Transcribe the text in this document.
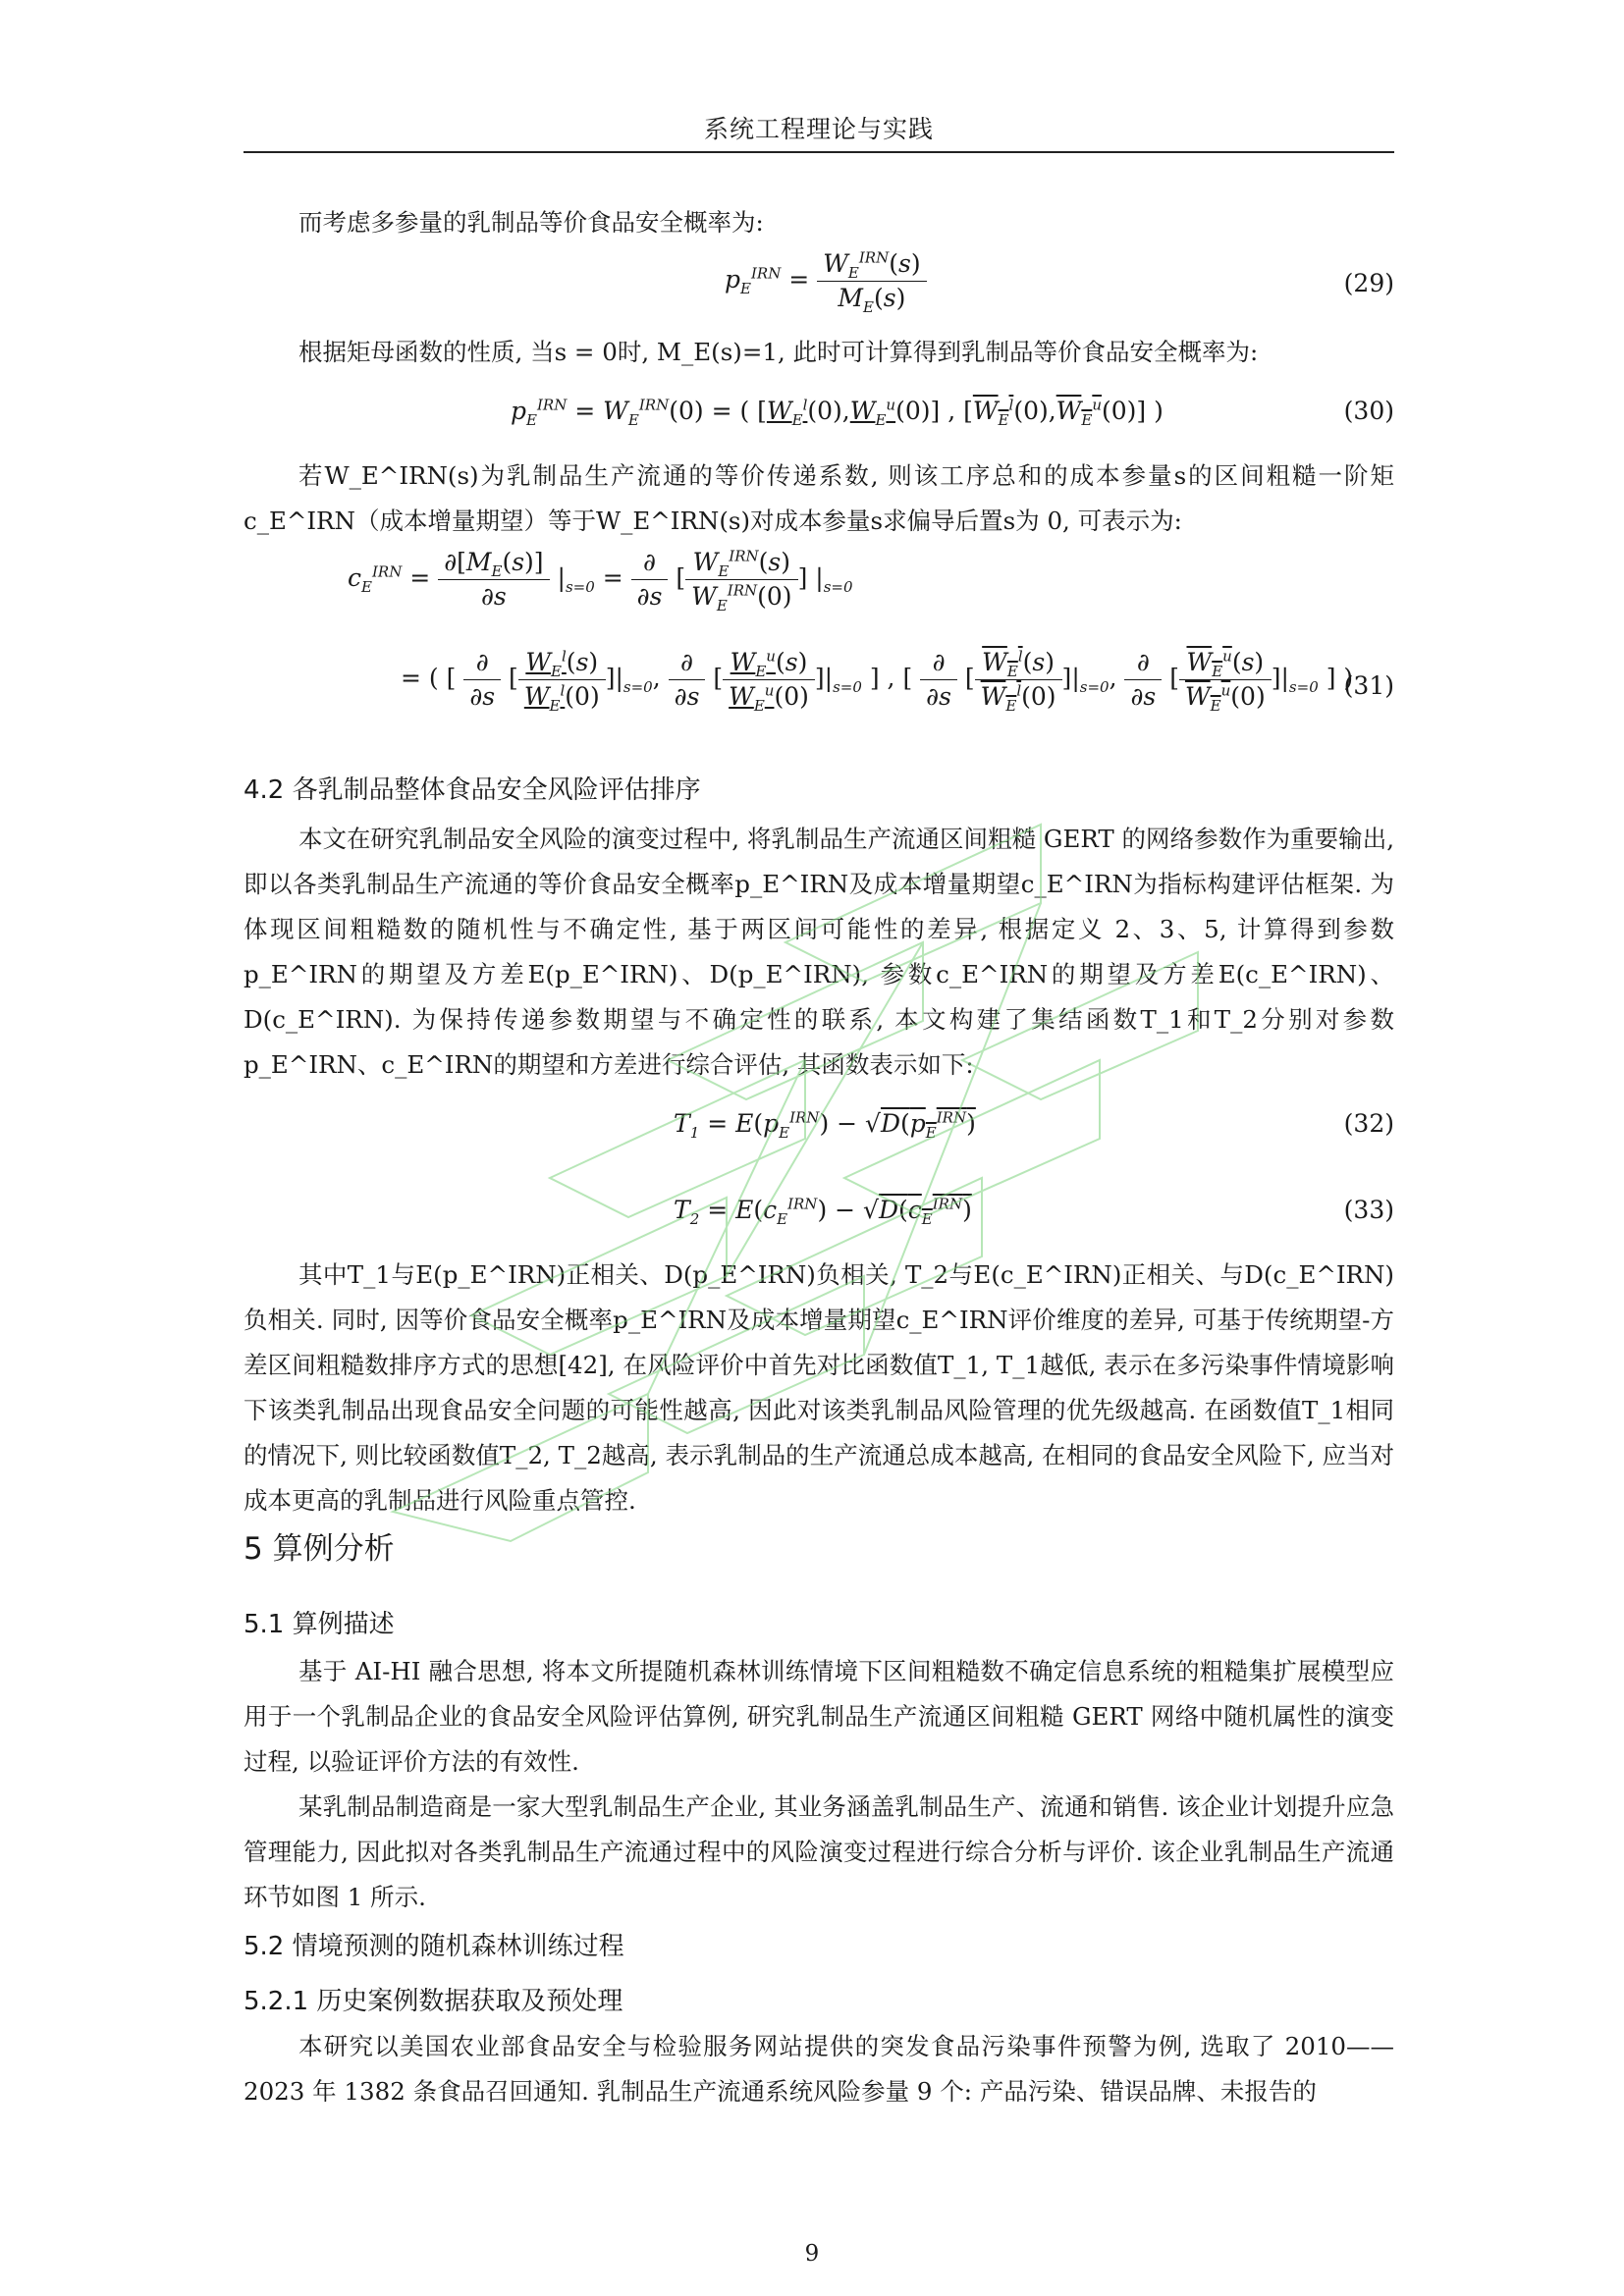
系统工程理论与实践
而考虑多参量的乳制品等价食品安全概率为:
$p_E^{IRN} = \frac{W_E^{IRN}(s)}{M_E(s)}$	(29)
根据矩母函数的性质, 当s = 0时, M_E(s)=1, 此时可计算得到乳制品等价食品安全概率为:
$p_E^{IRN} = W_E^{IRN}(0)$ = ( $[W_E^l(0),W_E^u(0)]$ , $[W_E^l(0),W_E^u(0)]$ )	(30)
若W_E^IRN(s)为乳制品生产流通的等价传递系数, 则该工序总和的成本参量s的区间粗糙一阶矩c_E^IRN（成本增量期望）等于W_E^IRN(s)对成本参量s求偏导后置s为 0, 可表示为:
$c_E^{IRN} = \frac{\partial[M_E(s)]}{\partial s} |_{s=0} = \frac{\partial}{\partial s}$ [ $\frac{W_E^{IRN}(s)}{W_E^{IRN}(0)}$ ] $|_{s=0}$
= ( [ $\frac{\partial}{\partial s}$ [ $\frac{W_E^l(s)}{W_E^l(0)} ]|_{s=0}$, $\frac{\partial}{\partial s}$ [ $\frac{W_E^u(s)}{W_E^u(0)} ]|_{s=0}$ ] , [ $\frac{\partial}{\partial s}$ [ $\frac{W_E^l(s)}{W_E^l(0)} ]|_{s=0}$, $\frac{\partial}{\partial s}$ [ $\frac{W_E^u(s)}{W_E^u(0)} ]|_{s=0}$ ] )
(31)
4.2 各乳制品整体食品安全风险评估排序
本文在研究乳制品安全风险的演变过程中, 将乳制品生产流通区间粗糙 GERT 的网络参数作为重要输出, 即以各类乳制品生产流通的等价食品安全概率p_E^IRN及成本增量期望c_E^IRN为指标构建评估框架. 为体现区间粗糙数的随机性与不确定性, 基于两区间可能性的差异, 根据定义 2、3、5, 计算得到参数p_E^IRN的期望及方差E(p_E^IRN)、D(p_E^IRN), 参数c_E^IRN的期望及方差E(c_E^IRN)、D(c_E^IRN). 为保持传递参数期望与不确定性的联系, 本文构建了集结函数T_1和T_2分别对参数p_E^IRN、c_E^IRN的期望和方差进行综合评估, 其函数表示如下:
$T_1 = E(p_E^{IRN}) - √D(p_E^{IRN})$	(32)
$T_2 = E(c_E^{IRN}) - √D(c_E^{IRN})$	(33)
其中T_1与E(p_E^IRN)正相关、D(p_E^IRN)负相关, T_2与E(c_E^IRN)正相关、与D(c_E^IRN)负相关. 同时, 因等价食品安全概率p_E^IRN及成本增量期望c_E^IRN评价维度的差异, 可基于传统期望-方差区间粗糙数排序方式的思想[42], 在风险评价中首先对比函数值T_1, T_1越低, 表示在多污染事件情境影响下该类乳制品出现食品安全问题的可能性越高, 因此对该类乳制品风险管理的优先级越高. 在函数值T_1相同的情况下, 则比较函数值T_2, T_2越高, 表示乳制品的生产流通总成本越高, 在相同的食品安全风险下, 应当对成本更高的乳制品进行风险重点管控.
5 算例分析
5.1 算例描述
基于 AI-HI 融合思想, 将本文所提随机森林训练情境下区间粗糙数不确定信息系统的粗糙集扩展模型应用于一个乳制品企业的食品安全风险评估算例, 研究乳制品生产流通区间粗糙 GERT 网络中随机属性的演变过程, 以验证评价方法的有效性.
某乳制品制造商是一家大型乳制品生产企业, 其业务涵盖乳制品生产、流通和销售. 该企业计划提升应急管理能力, 因此拟对各类乳制品生产流通过程中的风险演变过程进行综合分析与评价. 该企业乳制品生产流通环节如图 1 所示.
5.2 情境预测的随机森林训练过程
5.2.1 历史案例数据获取及预处理
本研究以美国农业部食品安全与检验服务网站提供的突发食品污染事件预警为例, 选取了 2010——2023 年 1382 条食品召回通知. 乳制品生产流通系统风险参量 9 个: 产品污染、错误品牌、未报告的
9
